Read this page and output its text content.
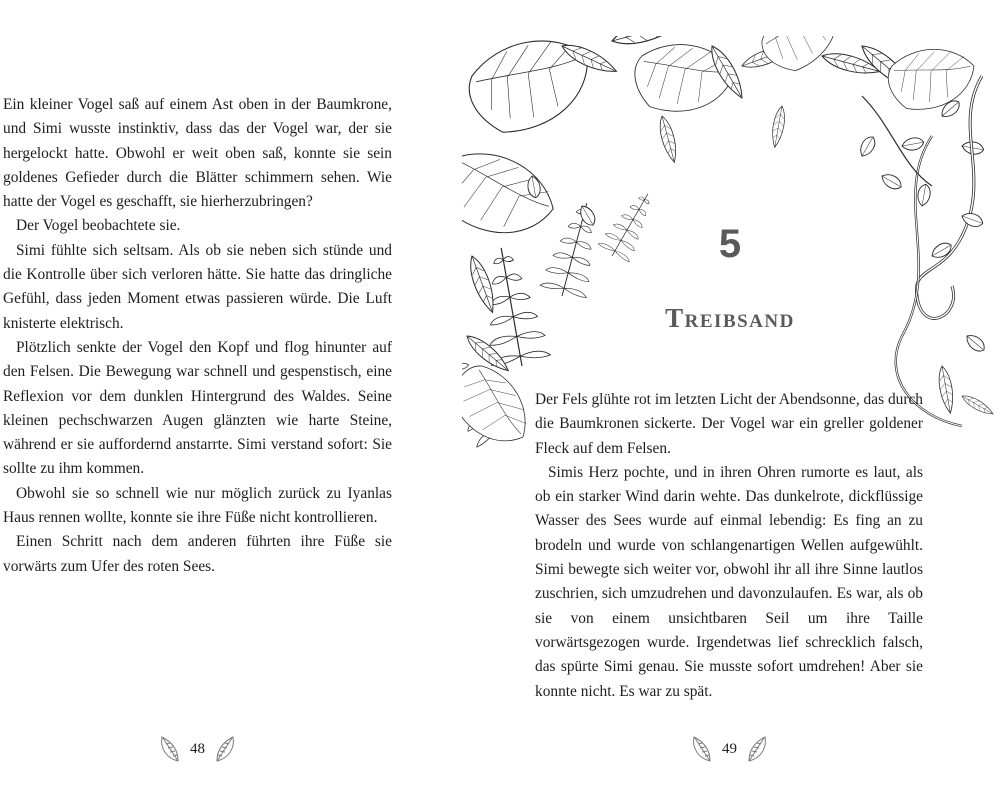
Ein kleiner Vogel saß auf einem Ast oben in der Baumkrone, und Simi wusste instinktiv, dass das der Vogel war, der sie hergelockt hatte. Obwohl er weit oben saß, konnte sie sein goldenes Gefieder durch die Blätter schimmern sehen. Wie hatte der Vogel es geschafft, sie hierherzubringen?

Der Vogel beobachtete sie.

Simi fühlte sich seltsam. Als ob sie neben sich stünde und die Kontrolle über sich verloren hätte. Sie hatte das dringliche Gefühl, dass jeden Moment etwas passieren würde. Die Luft knisterte elektrisch.

Plötzlich senkte der Vogel den Kopf und flog hinunter auf den Felsen. Die Bewegung war schnell und gespenstisch, eine Reflexion vor dem dunklen Hintergrund des Waldes. Seine kleinen pechschwarzen Augen glänzten wie harte Steine, während er sie auffordernd anstarrte. Simi verstand sofort: Sie sollte zu ihm kommen.

Obwohl sie so schnell wie nur möglich zurück zu Iyanlas Haus rennen wollte, konnte sie ihre Füße nicht kontrollieren.

Einen Schritt nach dem anderen führten ihre Füße sie vorwärts zum Ufer des roten Sees.

48
5
Treibsand

Der Fels glühte rot im letzten Licht der Abendsonne, das durch die Baumkronen sickerte. Der Vogel war ein greller goldener Fleck auf dem Felsen.

Simis Herz pochte, und in ihren Ohren rumorte es laut, als ob ein starker Wind darin wehte. Das dunkelrote, dickflüssige Wasser des Sees wurde auf einmal lebendig: Es fing an zu brodeln und wurde von schlangenartigen Wellen aufgewühlt. Simi bewegte sich weiter vor, obwohl ihr all ihre Sinne lautlos zuschrien, sich umzudrehen und davonzulaufen. Es war, als ob sie von einem unsichtbaren Seil um ihre Taille vorwärtsgezogen wurde. Irgendetwas lief schrecklich falsch, das spürte Simi genau. Sie musste sofort umdrehen! Aber sie konnte nicht. Es war zu spät.

49
